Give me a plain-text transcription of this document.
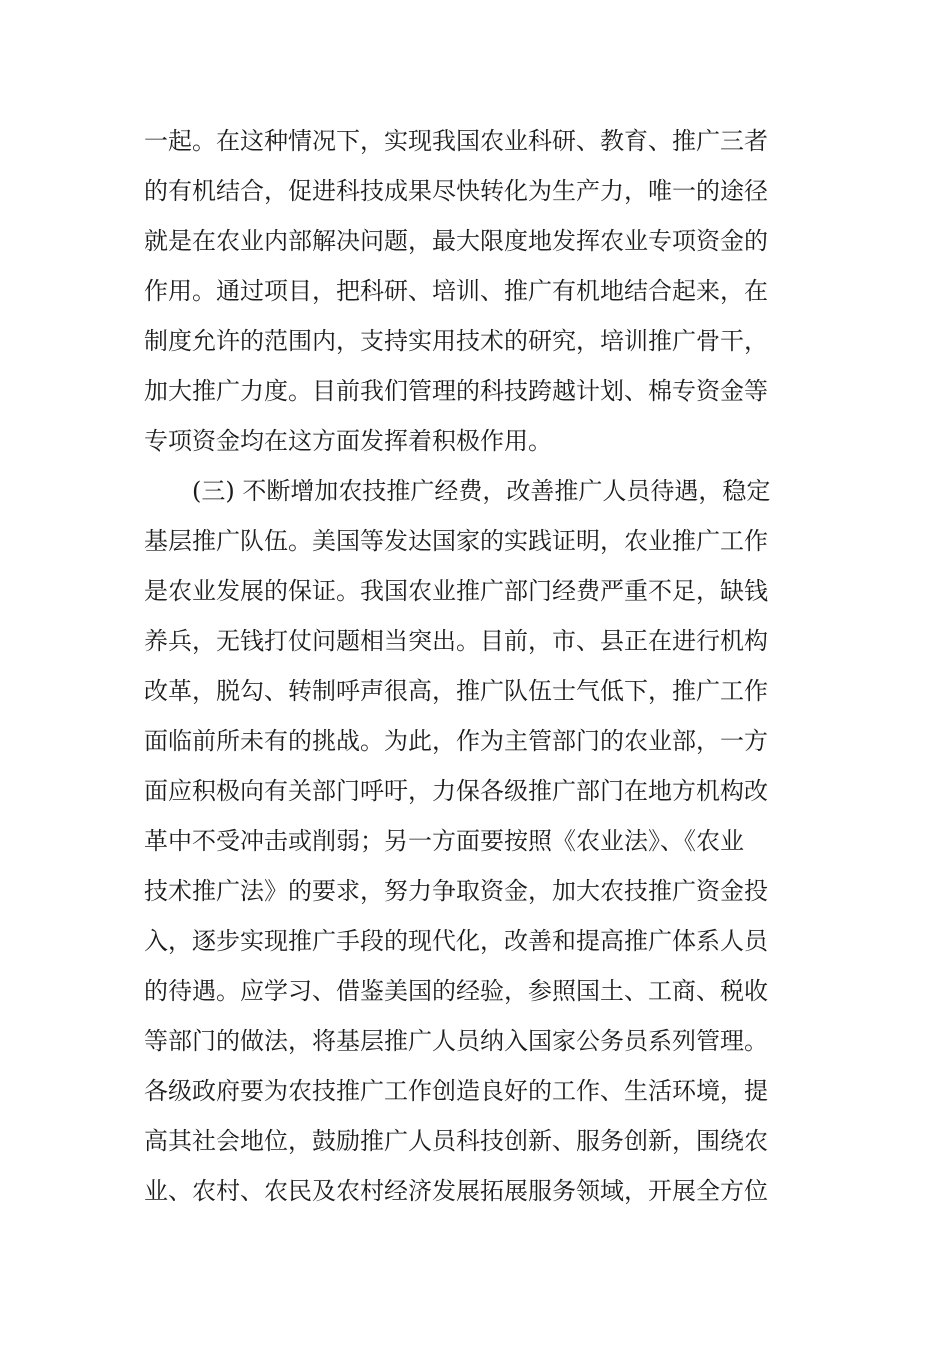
一起。在这种情况下，实现我国农业科研、教育、推广三者
的有机结合，促进科技成果尽快转化为生产力，唯一的途径
就是在农业内部解决问题，最大限度地发挥农业专项资金的
作用。通过项目，把科研、培训、推广有机地结合起来，在
制度允许的范围内，支持实用技术的研究，培训推广骨干，
加大推广力度。目前我们管理的科技跨越计划、棉专资金等
专项资金均在这方面发挥着积极作用。
(三) 不断增加农技推广经费，改善推广人员待遇，稳定
基层推广队伍。美国等发达国家的实践证明，农业推广工作
是农业发展的保证。我国农业推广部门经费严重不足，缺钱
养兵，无钱打仗问题相当突出。目前，市、县正在进行机构
改革，脱勾、转制呼声很高，推广队伍士气低下，推广工作
面临前所未有的挑战。为此，作为主管部门的农业部，一方
面应积极向有关部门呼吁，力保各级推广部门在地方机构改
革中不受冲击或削弱；另一方面要按照《农业法》、《农业
技术推广法》的要求，努力争取资金，加大农技推广资金投
入，逐步实现推广手段的现代化，改善和提高推广体系人员
的待遇。应学习、借鉴美国的经验，参照国土、工商、税收
等部门的做法，将基层推广人员纳入国家公务员系列管理。
各级政府要为农技推广工作创造良好的工作、生活环境，提
高其社会地位，鼓励推广人员科技创新、服务创新，围绕农
业、农村、农民及农村经济发展拓展服务领域，开展全方位
